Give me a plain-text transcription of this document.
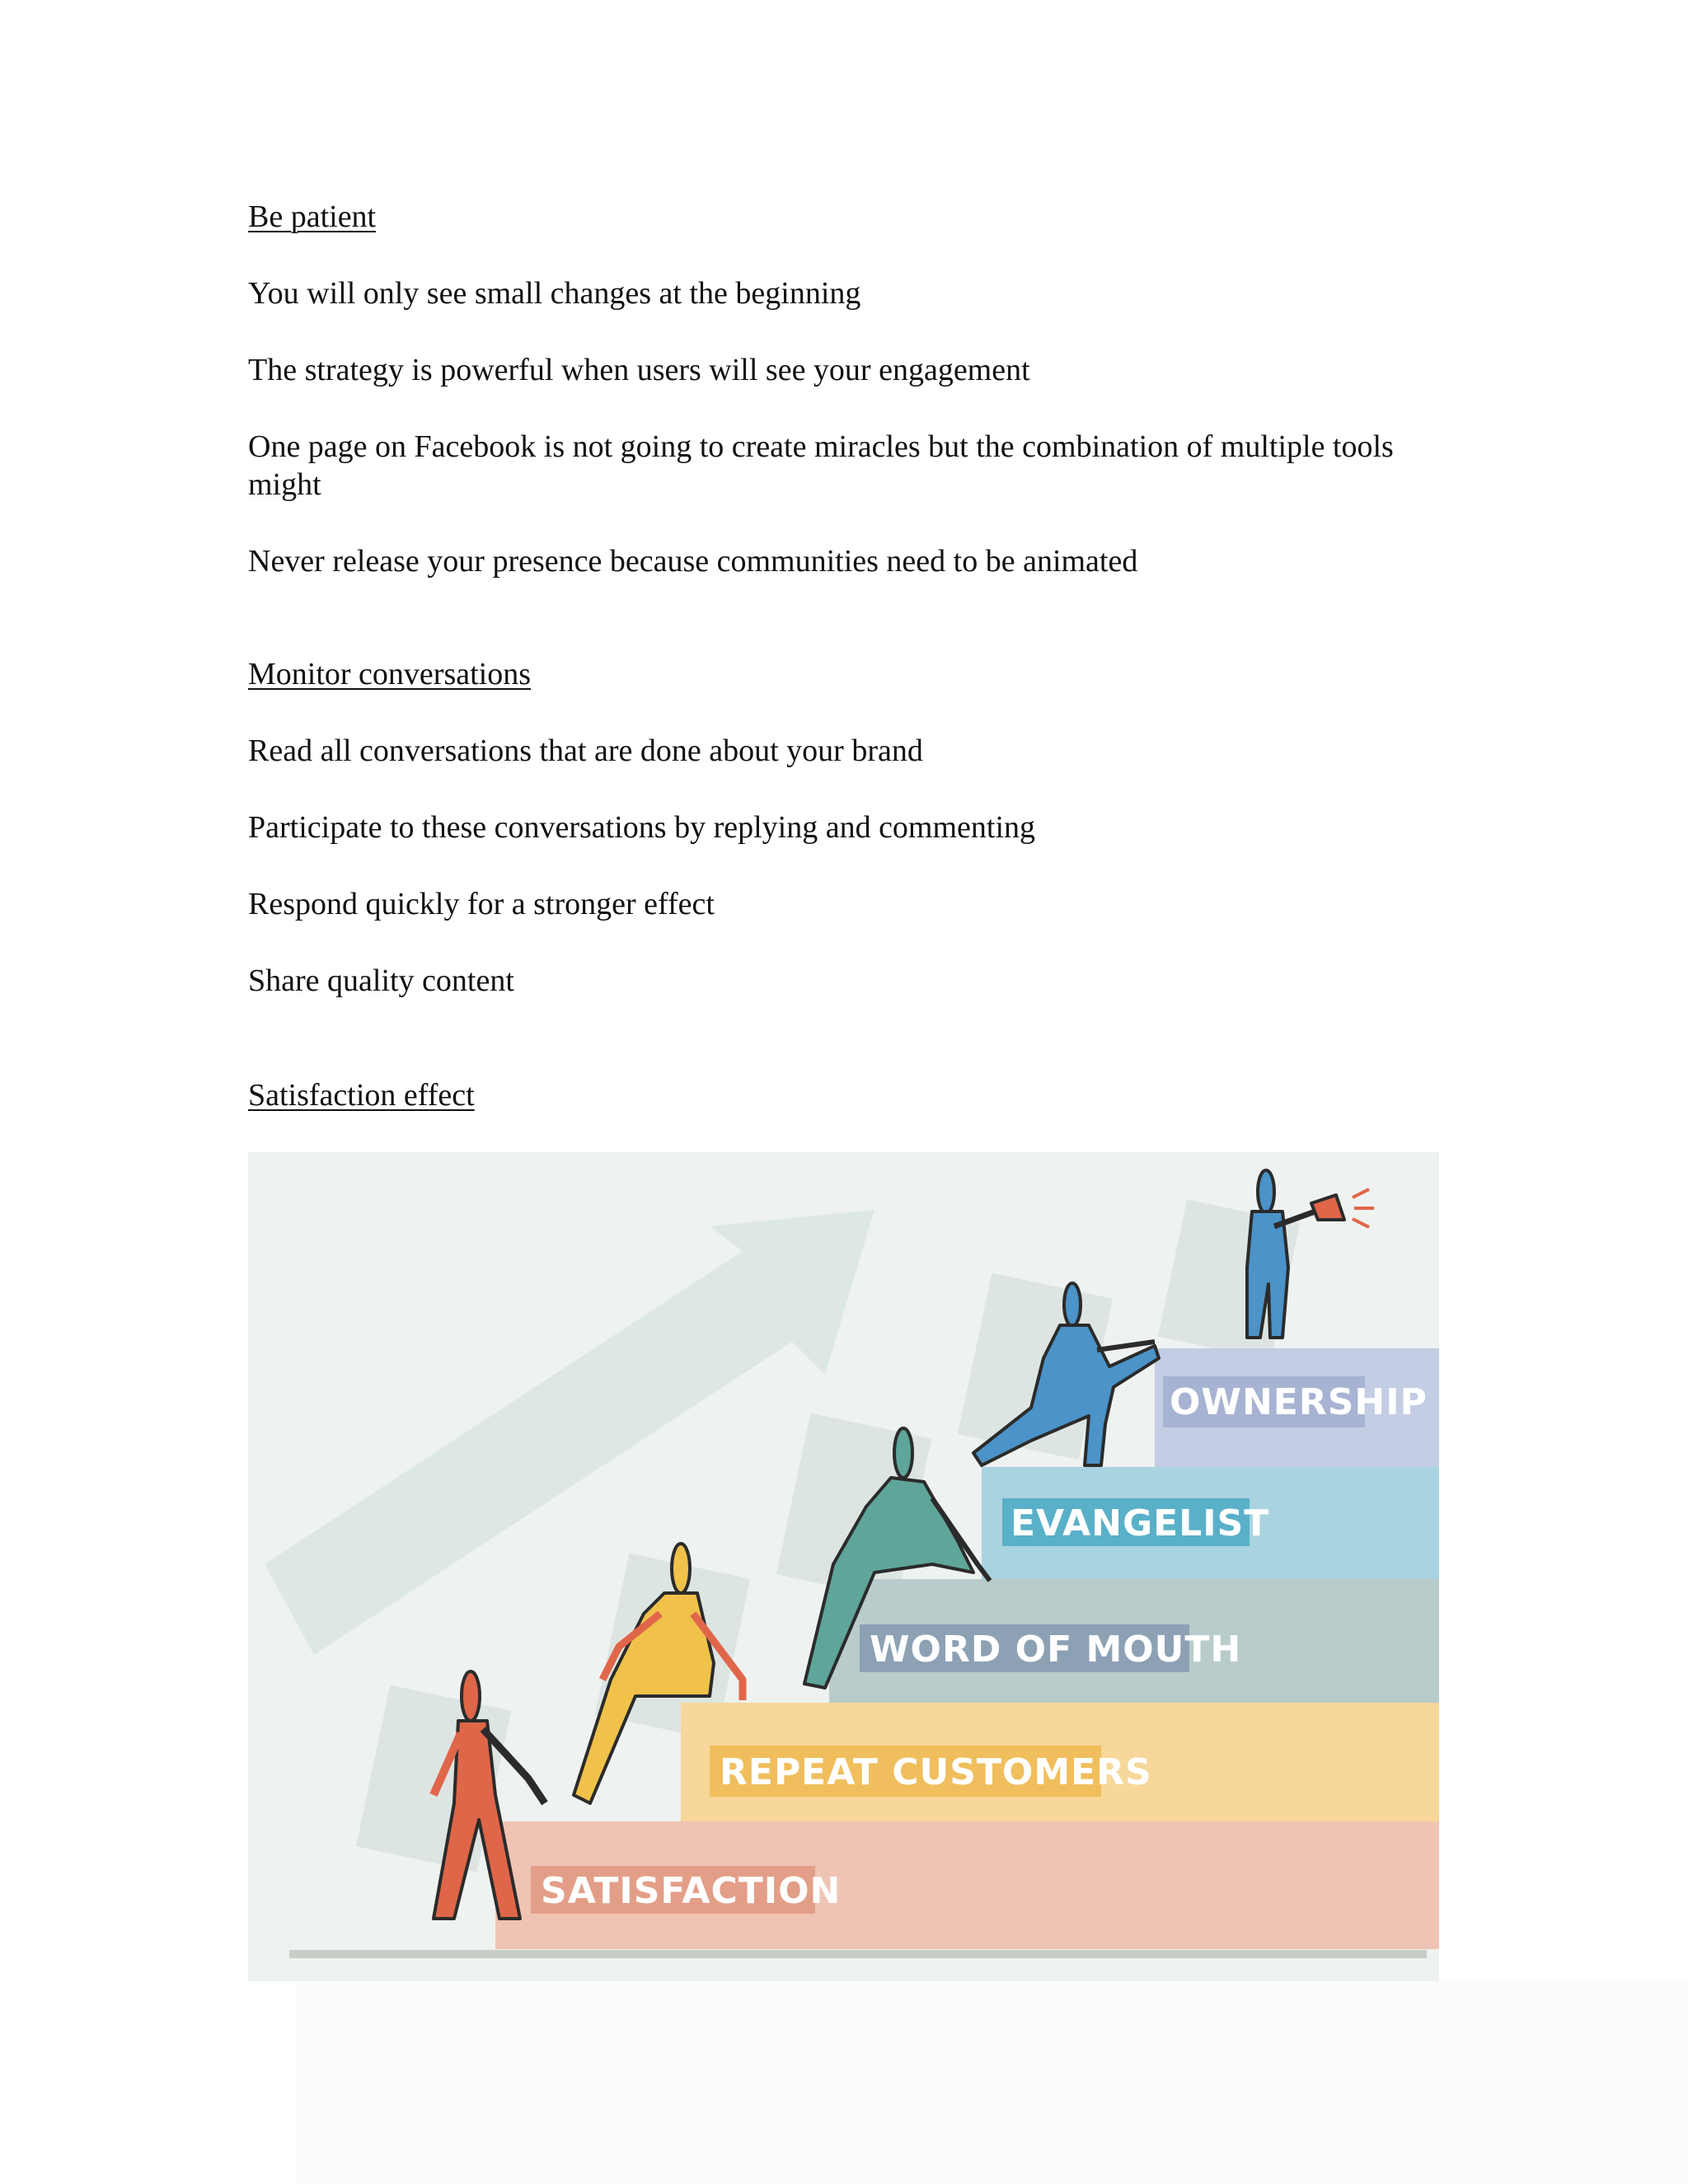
Be patient
You will only see small changes at the beginning
The strategy is powerful when users will see your engagement
One page on Facebook is not going to create miracles but the combination of multiple tools might
Never release your presence because communities need to be animated
Monitor conversations
Read all conversations that are done about your brand
Participate to these conversations by replying and commenting
Respond quickly for a stronger effect
Share quality content
Satisfaction effect
SATISFACTION
REPEAT CUSTOMERS
WORD OF MOUTH
EVANGELIST
OWNERSHIP
